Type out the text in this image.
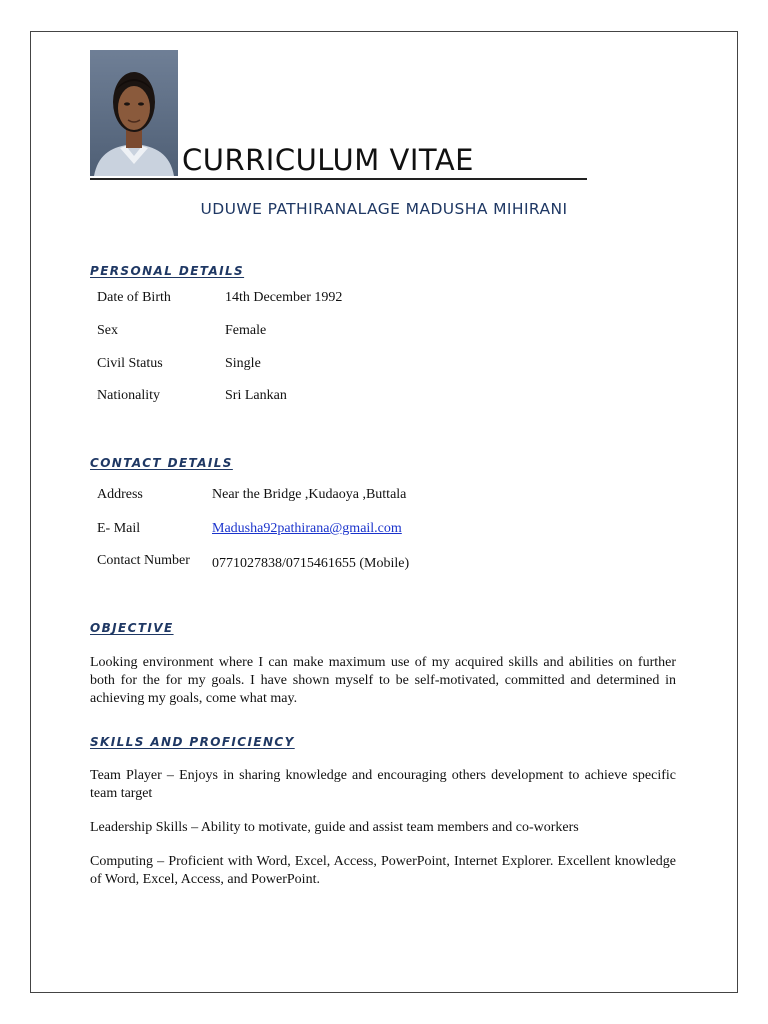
CURRICULUM VITAE
UDUWE PATHIRANALAGE MADUSHA MIHIRANI
PERSONAL DETAILS
Date of Birth	14th December 1992
Sex	Female
Civil Status	Single
Nationality	Sri Lankan
CONTACT DETAILS
Address	Near the Bridge ,Kudaoya ,Buttala
E- Mail	Madusha92pathirana@gmail.com
Contact Number 0771027838/0715461655 (Mobile)
OBJECTIVE

Looking environment where I can make maximum use of my acquired skills and abilities on further both for the for my goals. I have shown myself to be self-motivated, committed and determined in achieving my goals, come what may.

SKILLS AND PROFICIENCY

Team Player – Enjoys in sharing knowledge and encouraging others development to achieve specific team target

Leadership Skills – Ability to motivate, guide and assist team members and co-workers

Computing – Proficient with Word, Excel, Access, PowerPoint, Internet Explorer. Excellent knowledge of Word, Excel, Access, and PowerPoint.
